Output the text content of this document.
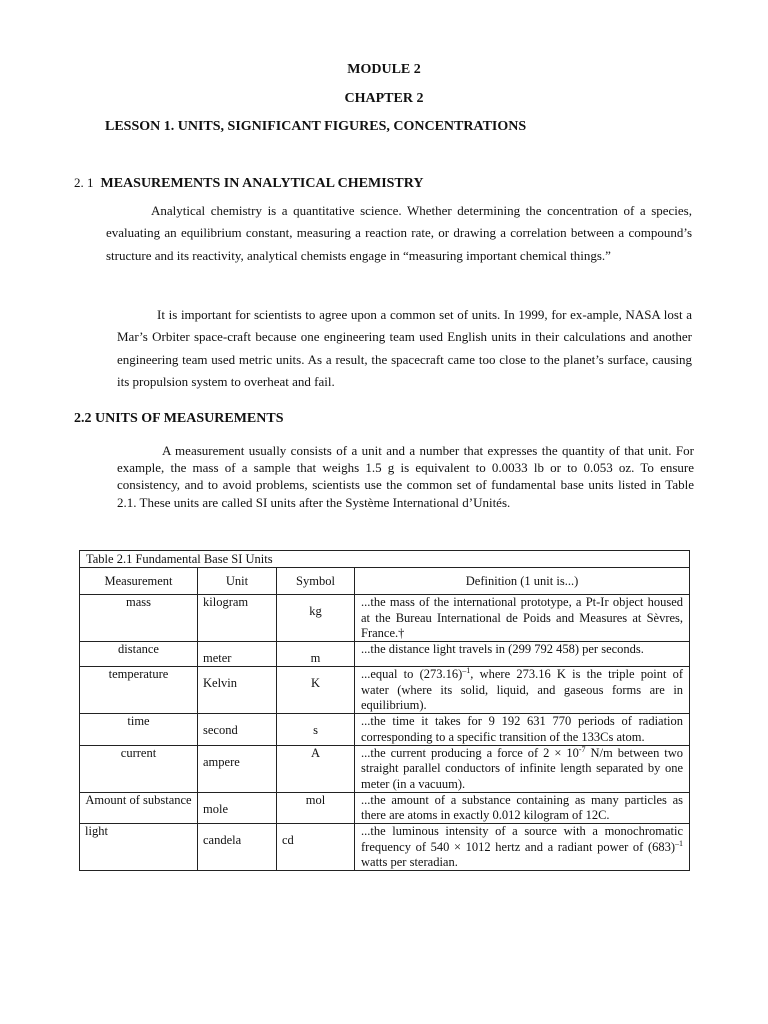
MODULE 2
CHAPTER 2
LESSON 1. UNITS, SIGNIFICANT FIGURES, CONCENTRATIONS
2. 1 MEASUREMENTS IN ANALYTICAL CHEMISTRY
Analytical chemistry is a quantitative science. Whether determining the concentration of a species, evaluating an equilibrium constant, measuring a reaction rate, or drawing a correlation between a compound’s structure and its reactivity, analytical chemists engage in “measuring important chemical things.”
It is important for scientists to agree upon a common set of units. In 1999, for ex-ample, NASA lost a Mar’s Orbiter space-craft because one engineering team used English units in their calculations and another engineering team used metric units. As a result, the spacecraft came too close to the planet’s surface, causing its propulsion system to overheat and fail.
2.2 UNITS OF MEASUREMENTS
A measurement usually consists of a unit and a number that expresses the quantity of that unit. For example, the mass of a sample that weighs 1.5 g is equivalent to 0.0033 lb or to 0.053 oz. To ensure consistency, and to avoid problems, scientists use the common set of fundamental base units listed in Table 2.1. These units are called SI units after the Système International d’Unités.
Table 2.1 Fundamental Base SI Units			
Measurement	Unit	Symbol	Definition (1 unit is...)
mass	kilogram	kg	...the mass of the international prototype, a Pt-Ir object housed at the Bureau International de Poids and Measures at Sèvres, France.†
distance	meter	m	...the distance light travels in (299 792 458) per seconds.
temperature	Kelvin	K	...equal to $(273.16)^{-1}$, where 273.16 K is the triple point of water (where its solid, liquid, and gaseous forms are in equilibrium).
time	second	s	...the time it takes for 9 192 631 770 periods of radiation corresponding to a specific transition of the 133Cs atom.
current	ampere	A	...the current producing a force of $2 \times 10^{-7}$ N/m between two straight parallel conductors of infinite length separated by one meter (in a vacuum).
Amount of substance	mole	mol	...the amount of a substance containing as many particles as there are atoms in exactly 0.012 kilogram of 12C.
light	candela	cd	...the luminous intensity of a source with a monochromatic frequency of 540 × 1012 hertz and a radiant power of $(683)^{-1}$ watts per steradian.
